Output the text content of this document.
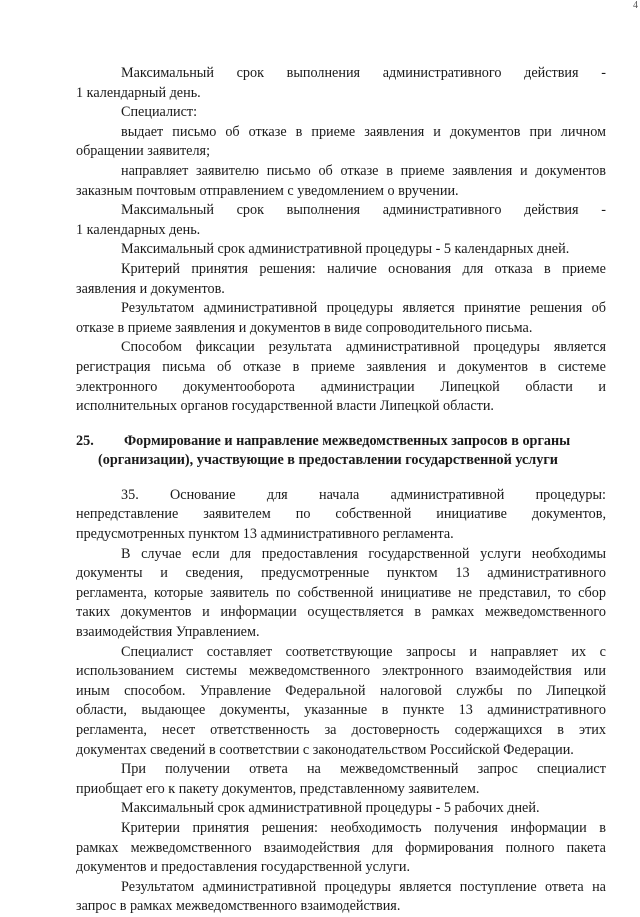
4
Максимальный срок выполнения административного действия -
1 календарный день.
Специалист:
выдает письмо об отказе в приеме заявления и документов при личном
обращении заявителя;
направляет заявителю письмо об отказе в приеме заявления и документов
заказным почтовым отправлением с уведомлением о вручении.
Максимальный срок выполнения административного действия -
1 календарных день.
Максимальный срок административной процедуры - 5 календарных дней.
Критерий принятия решения: наличие основания для отказа в приеме
заявления и документов.
Результатом административной процедуры является принятие решения об
отказе в приеме заявления и документов в виде сопроводительного письма.
Способом фиксации результата административной процедуры является
регистрация письма об отказе в приеме заявления и документов в системе
электронного документооборота администрации Липецкой области и
исполнительных органов государственной власти Липецкой области.
25. Формирование и направление межведомственных запросов в органы
(организации), участвующие в предоставлении государственной услуги
35. Основание для начала административной процедуры:
непредставление заявителем по собственной инициативе документов,
предусмотренных пунктом 13 административного регламента.
В случае если для предоставления государственной услуги необходимы
документы и сведения, предусмотренные пунктом 13 административного
регламента, которые заявитель по собственной инициативе не представил, то сбор
таких документов и информации осуществляется в рамках межведомственного
взаимодействия Управлением.
Специалист составляет соответствующие запросы и направляет их с
использованием системы межведомственного электронного взаимодействия или
иным способом. Управление Федеральной налоговой службы по Липецкой
области, выдающее документы, указанные в пункте 13 административного
регламента, несет ответственность за достоверность содержащихся в этих
документах сведений в соответствии с законодательством Российской Федерации.
При получении ответа на межведомственный запрос специалист
приобщает его к пакету документов, представленному заявителем.
Максимальный срок административной процедуры - 5 рабочих дней.
Критерии принятия решения: необходимость получения информации в
рамках межведомственного взаимодействия для формирования полного пакета
документов и предоставления государственной услуги.
Результатом административной процедуры является поступление ответа на
запрос в рамках межведомственного взаимодействия.
